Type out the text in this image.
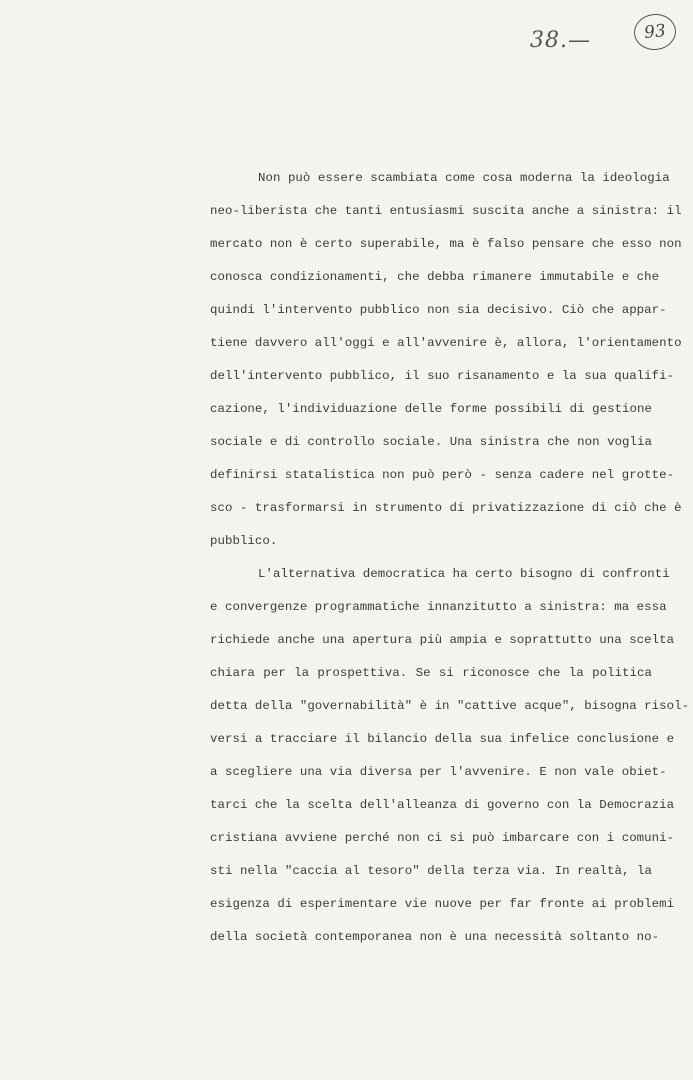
38.—	93
Non può essere scambiata come cosa moderna la ideologia
neo-liberista che tanti entusiasmi suscita anche a sinistra: il
mercato non è certo superabile, ma è falso pensare che esso non
conosca condizionamenti, che debba rimanere immutabile e che
quindi l'intervento pubblico non sia decisivo. Ciò che appar-
tiene davvero all'oggi e all'avvenire è, allora, l'orientamento
dell'intervento pubblico, il suo risanamento e la sua qualifi-
cazione, l'individuazione delle forme possibili di gestione
sociale e di controllo sociale. Una sinistra che non voglia
definirsi statalistica non può però - senza cadere nel grotte-
sco - trasformarsi in strumento di privatizzazione di ciò che è
pubblico.
L'alternativa democratica ha certo bisogno di confronti
e convergenze programmatiche innanzitutto a sinistra: ma essa
richiede anche una apertura più ampia e soprattutto una scelta
chiara per la prospettiva. Se si riconosce che la politica
detta della "governabilità" è in "cattive acque", bisogna risol-
versi a tracciare il bilancio della sua infelice conclusione e
a scegliere una via diversa per l'avvenire. E non vale obiet-
tarci che la scelta dell'alleanza di governo con la Democrazia
cristiana avviene perché non ci si può imbarcare con i comuni-
sti nella "caccia al tesoro" della terza via. In realtà, la
esigenza di esperimentare vie nuove per far fronte ai problemi
della società contemporanea non è una necessità soltanto no-
